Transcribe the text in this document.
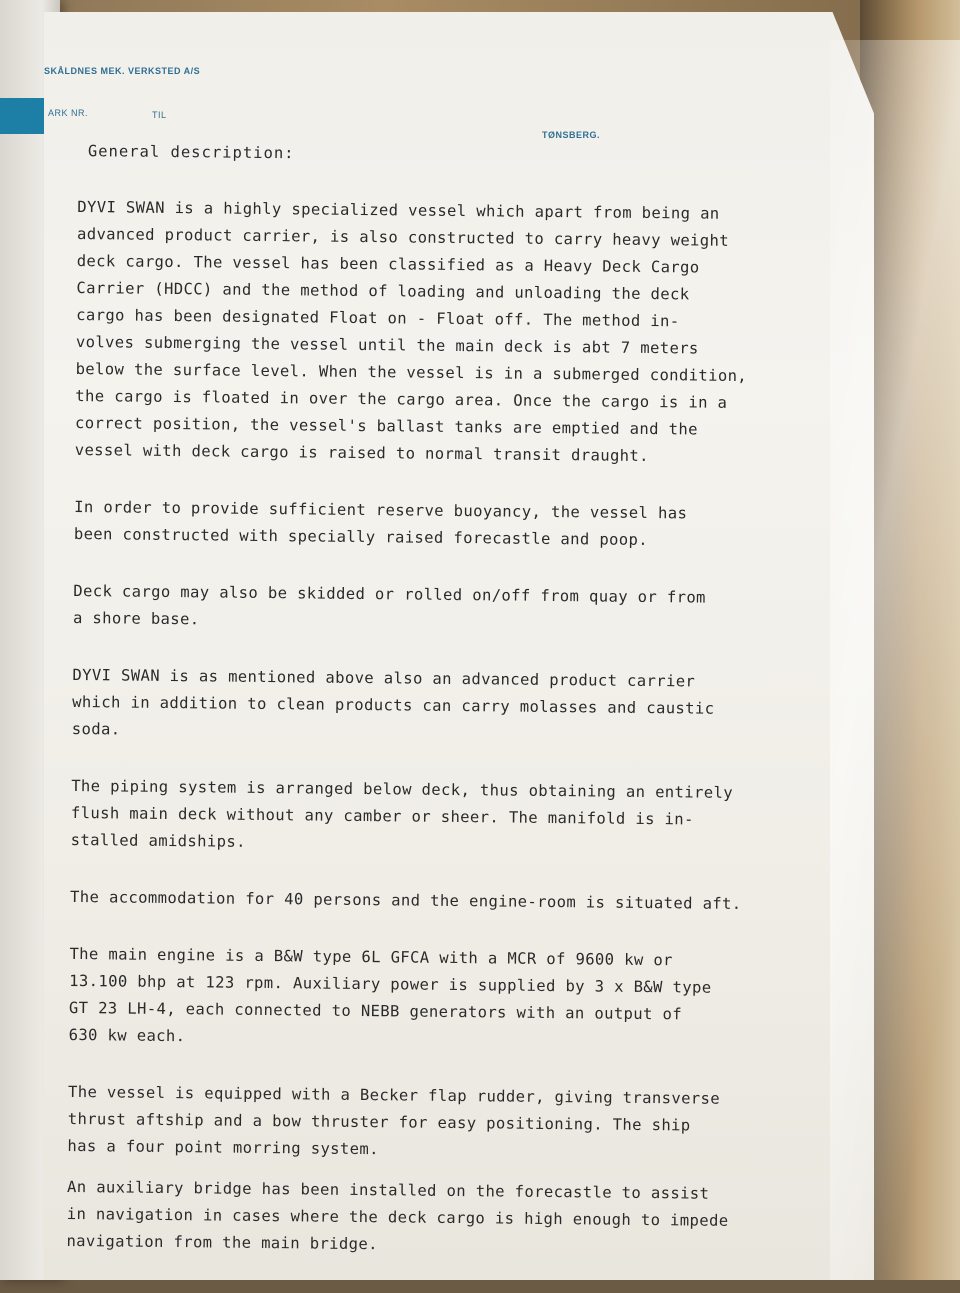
SKÅLDNES MEK. VERKSTED A/S
ARK NR.	TIL
TØNSBERG.
General description:
DYVI SWAN is a highly specialized vessel which apart from being an
advanced product carrier, is also constructed to carry heavy weight
deck cargo. The vessel has been classified as a Heavy Deck Cargo
Carrier (HDCC) and the method of loading and unloading the deck
cargo has been designated Float on - Float off. The method in-
volves submerging the vessel until the main deck is abt 7 meters
below the surface level. When the vessel is in a submerged condition,
the cargo is floated in over the cargo area. Once the cargo is in a
correct position, the vessel's ballast tanks are emptied and the
vessel with deck cargo is raised to normal transit draught.
In order to provide sufficient reserve buoyancy, the vessel has
been constructed with specially raised forecastle and poop.
Deck cargo may also be skidded or rolled on/off from quay or from
a shore base.
DYVI SWAN is as mentioned above also an advanced product carrier
which in addition to clean products can carry molasses and caustic
soda.
The piping system is arranged below deck, thus obtaining an entirely
flush main deck without any camber or sheer. The manifold is in-
stalled amidships.
The accommodation for 40 persons and the engine-room is situated aft.
The main engine is a B&W type 6L GFCA with a MCR of 9600 kw or
13.100 bhp at 123 rpm. Auxiliary power is supplied by 3 x B&W type
GT 23 LH-4, each connected to NEBB generators with an output of
630 kw each.
The vessel is equipped with a Becker flap rudder, giving transverse
thrust aftship and a bow thruster for easy positioning. The ship
has a four point morring system.
An auxiliary bridge has been installed on the forecastle to assist
in navigation in cases where the deck cargo is high enough to impede
navigation from the main bridge.
